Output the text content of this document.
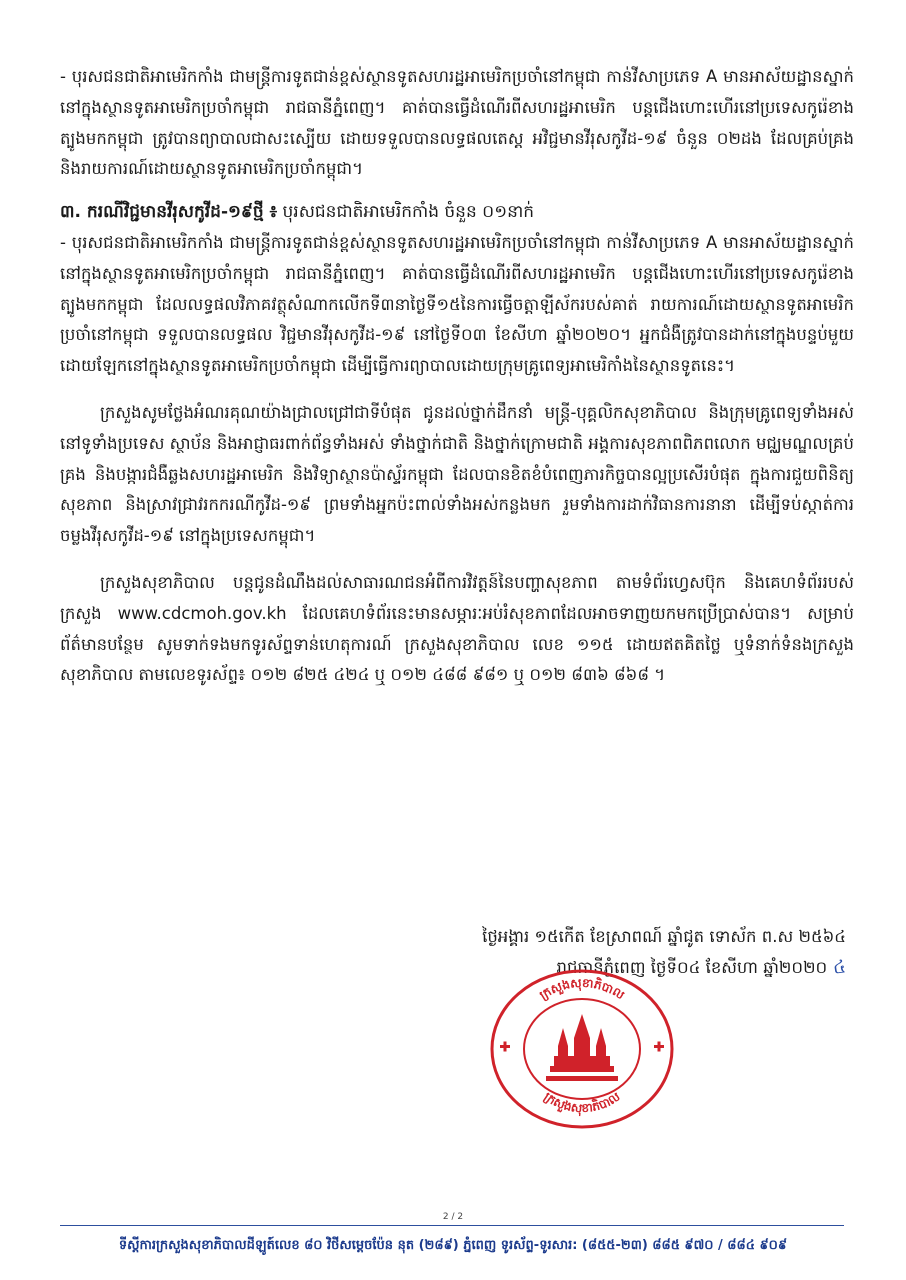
- បុរសជនជាតិអាមេរិកកាំង ជាមន្ត្រីការទូតជាន់ខ្ពស់ស្ថានទូតសហរដ្ឋអាមេរិកប្រចាំនៅកម្ពុជា កាន់វីសាប្រភេទ A មានអាស័យដ្ឋានស្នាក់នៅក្នុងស្ថានទូតអាមេរិកប្រចាំកម្ពុជា រាជធានីភ្នំពេញ។ គាត់បានធ្វើដំណើរពីសហរដ្ឋអាមេរិក បន្តជើងហោះហើរនៅប្រទេសកូរ៉េខាងត្បូងមកកម្ពុជា ត្រូវបានព្យាបាលជាសះស្បើយ ដោយទទួលបានលទ្ធផលតេស្ត អវិជ្ជមានវីរុសកូវីដ-១៩ ចំនួន ០២ដង ដែលគ្រប់គ្រង និងរាយការណ៍ដោយស្ថានទូតអាមេរិកប្រចាំកម្ពុជា។

៣. ករណីវិជ្ជមានវីរុសកូវីដ-១៩ថ្មី ៖ បុរសជនជាតិអាមេរិកកាំង ចំនួន ០១នាក់

- បុរសជនជាតិអាមេរិកកាំង ជាមន្ត្រីការទូតជាន់ខ្ពស់ស្ថានទូតសហរដ្ឋអាមេរិកប្រចាំនៅកម្ពុជា កាន់វីសាប្រភេទ A មានអាស័យដ្ឋានស្នាក់នៅក្នុងស្ថានទូតអាមេរិកប្រចាំកម្ពុជា រាជធានីភ្នំពេញ។ គាត់បានធ្វើដំណើរពីសហរដ្ឋអាមេរិក បន្តជើងហោះហើរនៅប្រទេសកូរ៉េខាងត្បូងមកកម្ពុជា ដែលលទ្ធផលវិភាគវត្ថុសំណាកលើកទី៣នាថ្ងៃទី១៥នៃការធ្វើចត្តាឡីស័ករបស់គាត់ រាយការណ៍ដោយស្ថានទូតអាមេរិកប្រចាំនៅកម្ពុជា ទទួលបានលទ្ធផល វិជ្ជមានវីរុសកូវីដ-១៩ នៅថ្ងៃទី០៣ ខែសីហា ឆ្នាំ២០២០។ អ្នកជំងឺត្រូវបានដាក់នៅក្នុងបន្ទប់មួយដោយឡែកនៅក្នុងស្ថានទូតអាមេរិកប្រចាំកម្ពុជា ដើម្បីធ្វើការព្យាបាលដោយក្រុមគ្រូពេទ្យអាមេរិកាំងនៃស្ថានទូតនេះ។

ក្រសួងសូមថ្លែងអំណរគុណយ៉ាងជ្រាលជ្រៅជាទីបំផុត ជូនដល់ថ្នាក់ដឹកនាំ មន្ត្រី-បុគ្គលិកសុខាភិបាល និងក្រុមគ្រូពេទ្យទាំងអស់នៅទូទាំងប្រទេស ស្ថាប័ន និងអាជ្ញាធរពាក់ព័ន្ធទាំងអស់ ទាំងថ្នាក់ជាតិ និងថ្នាក់ក្រោមជាតិ អង្គការសុខភាពពិភពលោក មជ្ឈមណ្ឌលគ្រប់គ្រង និងបង្ការជំងឺឆ្លងសហរដ្ឋអាមេរិក និងវិទ្យាស្ថានប៉ាស្ទ័រកម្ពុជា ដែលបានខិតខំបំពេញភារកិច្ចបានល្អប្រសើរបំផុត ក្នុងការជួយពិនិត្យសុខភាព និងស្រាវជ្រាវរកករណីកូវីដ-១៩ ព្រមទាំងអ្នកប៉ះពាល់ទាំងអស់កន្លងមក រួមទាំងការដាក់វិធានការនានា ដើម្បីទប់ស្កាត់ការចម្លងវីរុសកូវីដ-១៩ នៅក្នុងប្រទេសកម្ពុជា។

ក្រសួងសុខាភិបាល បន្តជូនដំណឹងដល់សាធារណជនអំពីការវិវត្តន៍នៃបញ្ហាសុខភាព តាមទំព័រហ្វេសប៊ុក និងគេហទំព័ររបស់ក្រសួង www.cdcmoh.gov.kh ដែលគេហទំព័រនេះមានសម្ភារៈអប់រំសុខភាពដែលអាចទាញយកមកប្រើប្រាស់បាន។ សម្រាប់ព័ត៌មានបន្ថែម សូមទាក់ទងមកទូរស័ព្ទទាន់ហេតុការណ៍ ក្រសួងសុខាភិបាល លេខ ១១៥ ដោយឥតគិតថ្លៃ ឬទំនាក់ទំនងក្រសួងសុខាភិបាល តាមលេខទូរស័ព្ទ៖ ០១២ ៨២៥ ៤២៤ ឬ ០១២ ៤៨៨ ៩៨១ ឬ ០១២ ៨៣៦ ៨៦៨ ។

ថ្ងៃអង្គារ ១៥កើត ខែស្រាពណ៍ ឆ្នាំជូត ទោស័ក ព.ស ២៥៦៤
រាជធានីភ្នំពេញ ថ្ងៃទី០៤ ខែសីហា ឆ្នាំ២០២០ ៤
ក្រសួងសុខាភិបាល
ក្រសួងសុខាភិបាល
2 / 2
ទីស្តីការក្រសួងសុខាភិបាលដីឡូត៍លេខ ៨០ វិថីសម្តេចប៉ែន នុត (២៨៩) ភ្នំពេញ ទូរស័ព្ទ-ទូរសារ: (៨៥៥-២៣) ៨៨៥ ៩៧០ / ៨៨៤ ៩០៩
